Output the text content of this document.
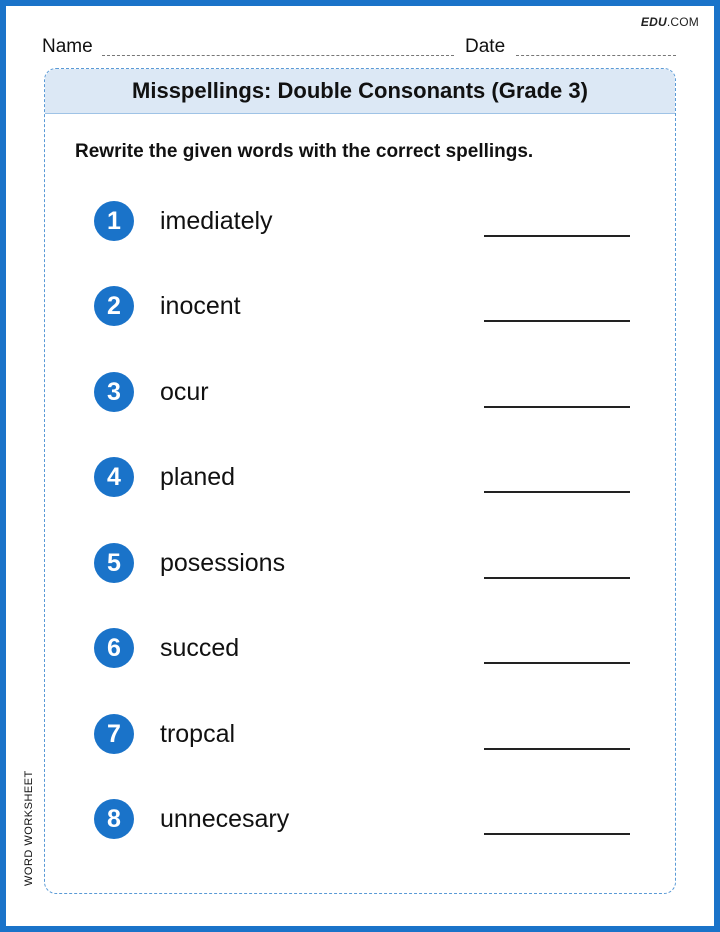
EDU.COM
Name	Date
Misspellings: Double Consonants (Grade 3)
Rewrite the given words with the correct spellings.
1	imediately
2	inocent
3	ocur
4	planed
5	posessions
6	succed
7	tropcal
8	unnecesary
WORD WORKSHEET
